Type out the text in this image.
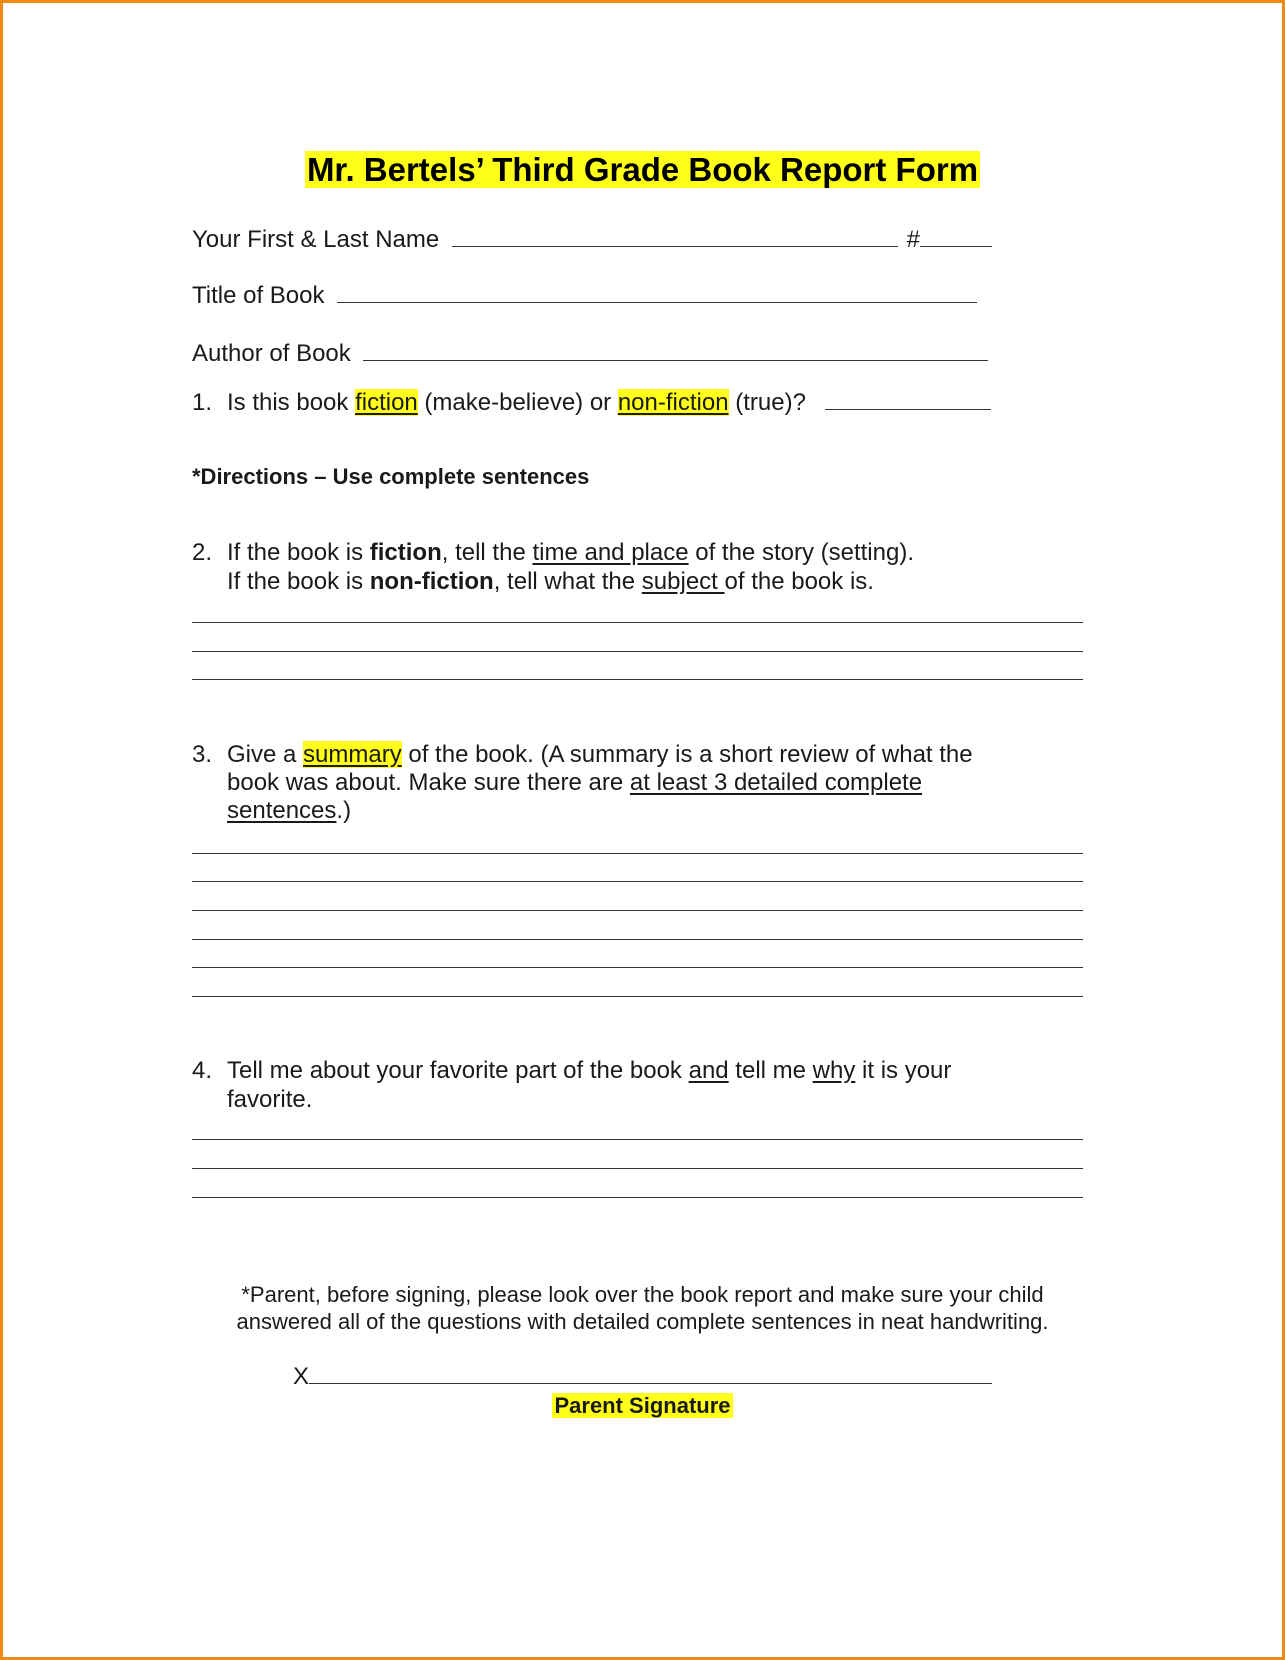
Mr. Bertels’ Third Grade Book Report Form
Your First & Last Name	#
Title of Book
Author of Book
1. Is this book fiction (make-believe) or non-fiction (true)?
*Directions – Use complete sentences
2. If the book is fiction, tell the time and place of the story (setting).
If the book is non-fiction, tell what the subject of the book is.
3. Give a summary of the book. (A summary is a short review of what the
book was about. Make sure there are at least 3 detailed complete
sentences.)
4. Tell me about your favorite part of the book and tell me why it is your
favorite.
*Parent, before signing, please look over the book report and make sure your child
answered all of the questions with detailed complete sentences in neat handwriting.
X
Parent Signature
